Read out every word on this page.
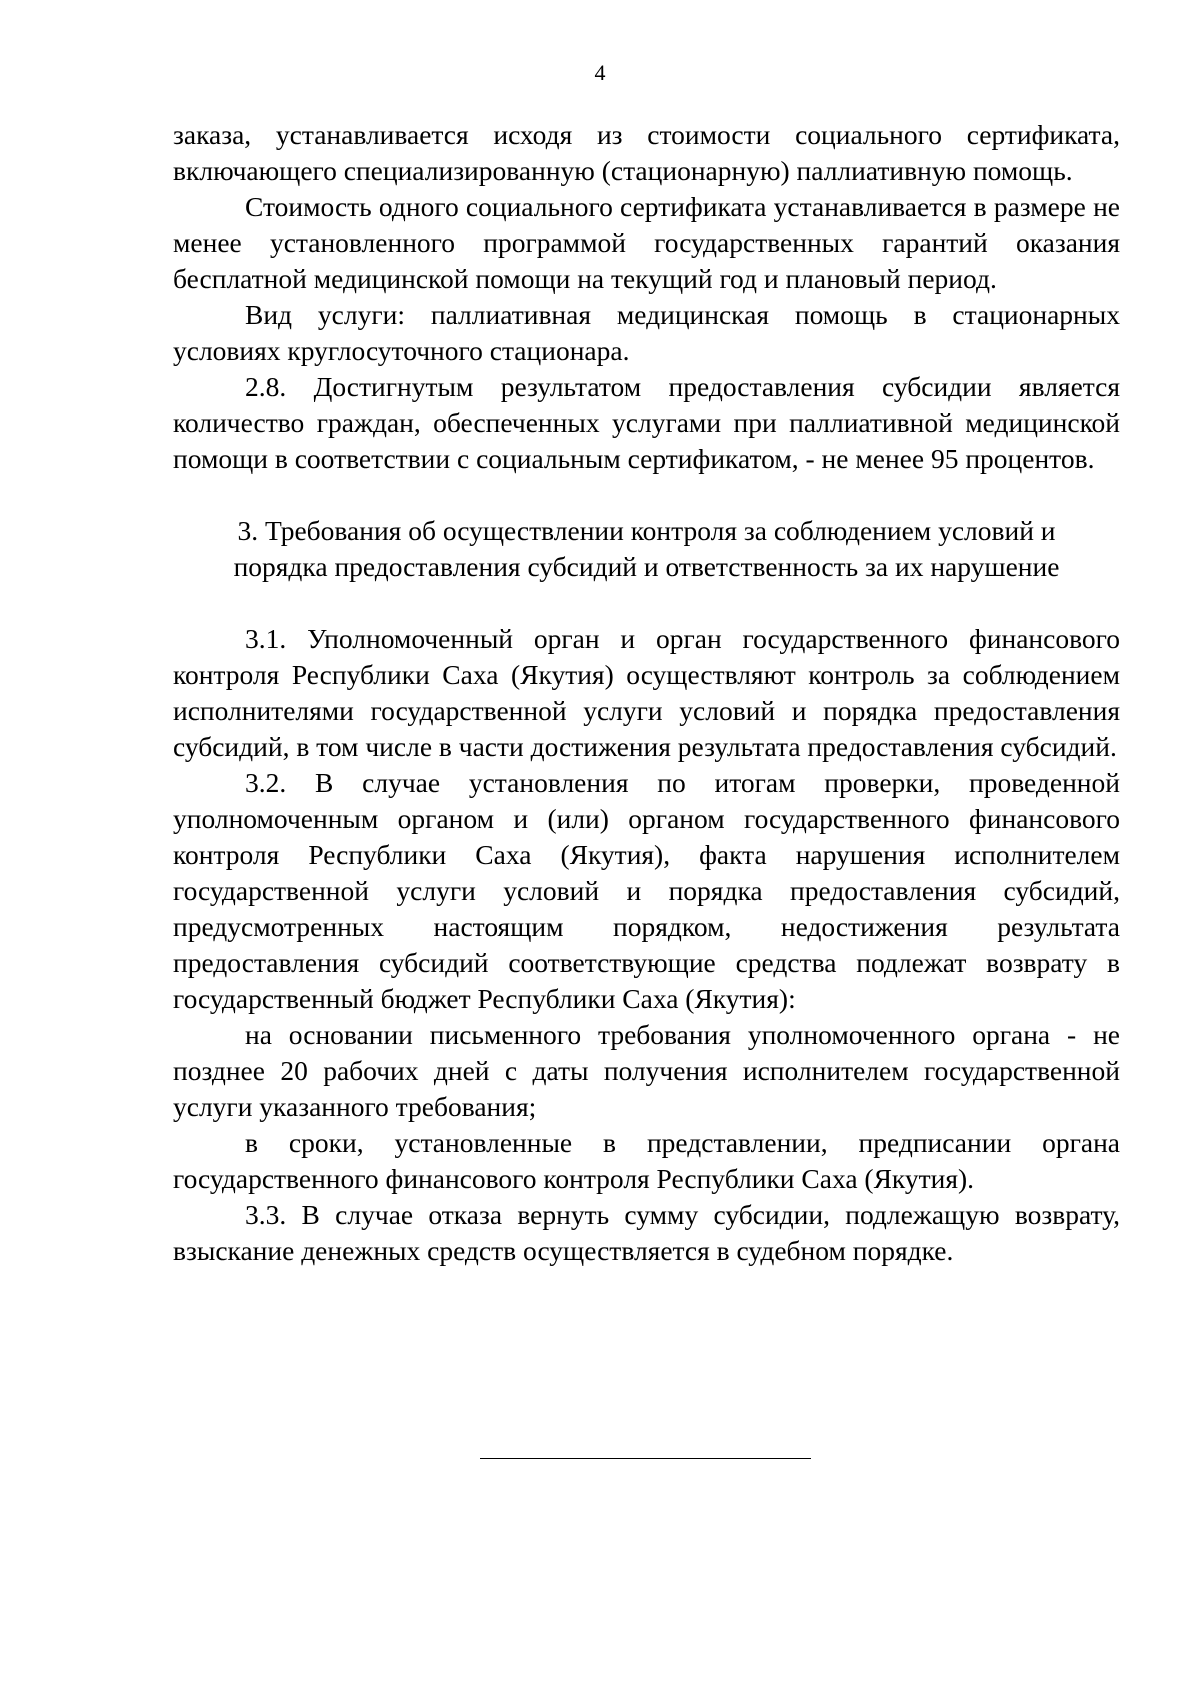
4

заказа, устанавливается исходя из стоимости социального сертификата, включающего специализированную (стационарную) паллиативную помощь.

Стоимость одного социального сертификата устанавливается в размере не менее установленного программой государственных гарантий оказания бесплатной медицинской помощи на текущий год и плановый период.

Вид услуги: паллиативная медицинская помощь в стационарных условиях круглосуточного стационара.

2.8. Достигнутым результатом предоставления субсидии является количество граждан, обеспеченных услугами при паллиативной медицинской помощи в соответствии с социальным сертификатом, - не менее 95 процентов.

3. Требования об осуществлении контроля за соблюдением условий и порядка предоставления субсидий и ответственность за их нарушение

3.1. Уполномоченный орган и орган государственного финансового контроля Республики Саха (Якутия) осуществляют контроль за соблюдением исполнителями государственной услуги условий и порядка предоставления субсидий, в том числе в части достижения результата предоставления субсидий.

3.2. В случае установления по итогам проверки, проведенной уполномоченным органом и (или) органом государственного финансового контроля Республики Саха (Якутия), факта нарушения исполнителем государственной услуги условий и порядка предоставления субсидий, предусмотренных настоящим порядком, недостижения результата предоставления субсидий соответствующие средства подлежат возврату в государственный бюджет Республики Саха (Якутия):

на основании письменного требования уполномоченного органа - не позднее 20 рабочих дней с даты получения исполнителем государственной услуги указанного требования;

в сроки, установленные в представлении, предписании органа государственного финансового контроля Республики Саха (Якутия).

3.3. В случае отказа вернуть сумму субсидии, подлежащую возврату, взыскание денежных средств осуществляется в судебном порядке.
